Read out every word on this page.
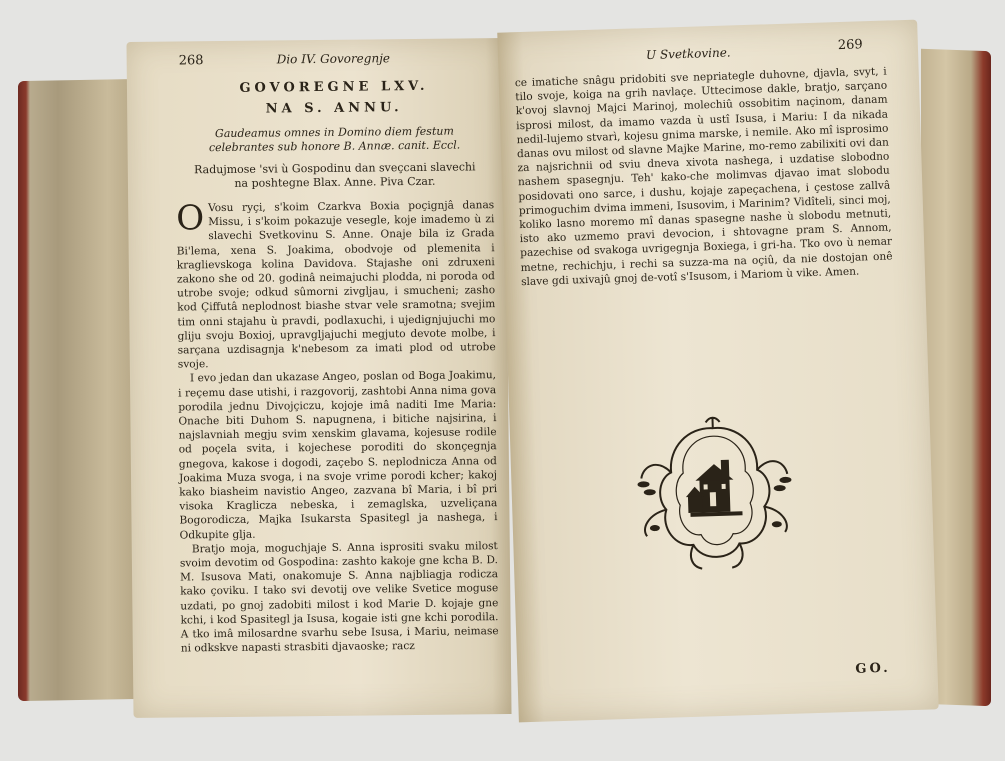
268	Dio IV. Govoregnje
GOVOREGNE LXV.
NA S. ANNU.
Gaudeamus omnes in Domino diem festum celebrantes sub honore B. Annæ. canit. Eccl.
Radujmose 'svi ù Gospodinu dan sveçcani slavechi na poshtegne Blax. Anne. Piva Czar.
O Vosu ryçi, s'koim Czarkva Boxia poçignjâ danas Missu, i s'koim pokazuje vesegle, koje imademo ù zi slavechi Svetkovinu S. Anne. Onaje bila iz Grada Bi'lema, xena S. Joakima, obodvoje od plemenita i kraglievskoga kolina Davidova. Stajashe oni zdruxeni zakono she od 20. godinâ neimajuchi plodda, ni poroda od utrobe svoje; odkud sûmorni zivgljau, i smucheni; zasho kod Çiffutâ neplodnost biashe stvar vele sramotna; svejim tim onni stajahu ù pravdi, podlaxuchi, i ujedignjujuchi mo gliju svoju Boxioj, upravgljajuchi megjuto devote molbe, i sarçana uzdisagnja k'nebesom za imati plod od utrobe svoje.

I evo jedan dan ukazase Angeo, poslan od Boga Joakimu, i reçemu dase utishi, i razgovorij, zashtobi Anna nima gova porodila jednu Divojçiczu, kojoje imâ naditi Ime Maria: Onache biti Duhom S. napugnena, i bitiche najsirina, i najslavniah megju svim xenskim glavama, kojesuse rodile od poçela svita, i kojechese poroditi do skonçegnja gnegova, kakose i dogodi, zaçebo S. neplodnicza Anna od Joakima Muza svoga, i na svoje vrime porodi kcher; kakoj kako biasheim navistio Angeo, zazvana bî Maria, i bî pri visoka Kraglicza nebeska, i zemaglska, uzveliçana Bogorodicza, Majka Isukarsta Spasitegl ja nashega, i Odkupite glja.

Bratjo moja, moguchjaje S. Anna isprositi svaku milost svoim devotim od Gospodina: zashto kakoje gne kcha B. D. M. Isusova Mati, onakomuje S. Anna najbliagja rodicza kako çoviku. I tako svi devotij ove velike Svetice moguse uzdati, po gnoj zadobiti milost i kod Marie D. kojaje gne kchi, i kod Spasitegl ja Isusa, kogaie isti gne kchi porodila. A tko imâ milosardne svarhu sebe Isusa, i Mariu, neimase ni odkskve napasti strasbiti djavaoske; racz

U Svetkovine.
269
ce imatiche snâgu pridobiti sve nepriategle duhovne, djavla, svyt, i tilo svoje, koiga na grih navlaçe. Uttecimose dakle, bratjo, sarçano k'ovoj slavnoj Majci Marinoj, molechiû ossobitim naçinom, danam isprosi milost, da imamo vazda ù ustî Isusa, i Mariu: I da nikada nedil-lujemo stvarì, kojesu gnima marske, i nemile. Ako mî isprosimo danas ovu milost od slavne Majke Marine, mo-remo zabilixiti ovi dan za najsrichnii od sviu dneva xivota nashega, i uzdatise slobodno nashem spasegnju. Teh' kako-che molimvas djavao imat slobodu posidovati ono sarce, i dushu, kojaje zapeçachena, i çestose zallvâ primoguchim dvima immeni, Isusovim, i Marinim? Vidîteli, sinci moj, koliko lasno moremo mî danas spasegne nashe ù slobodu metnuti, isto ako uzmemo pravi devocion, i shtovagne pram S. Annom, pazechise od svakoga uvrigegnja Boxiega, i gri-ha. Tko ovo ù nemar metne, rechichju, i rechi sa suzza-ma na oçiû, da nie dostojan onê slave gdi uxivajû gnoj de-votî s'Isusom, i Mariom ù vike. Amen.
GO.
